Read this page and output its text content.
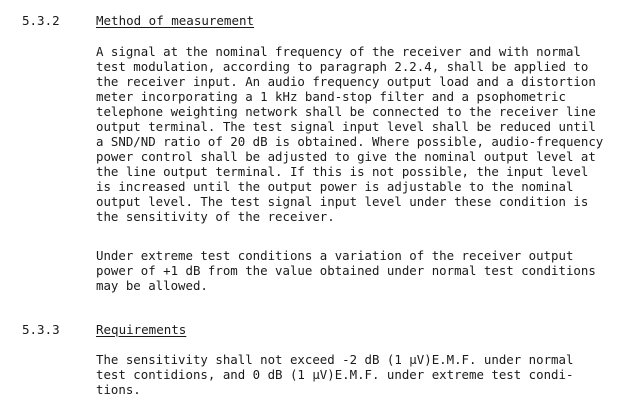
5.3.2	Method of measurement

A signal at the nominal frequency of the receiver and with normal
test modulation, according to paragraph 2.2.4, shall be applied to
the receiver input. An audio frequency output load and a distortion
meter incorporating a 1 kHz band-stop filter and a psophometric
telephone weighting network shall be connected to the receiver line
output terminal. The test signal input level shall be reduced until
a SND/ND ratio of 20 dB is obtained. Where possible, audio-frequency
power control shall be adjusted to give the nominal output level at
the line output terminal. If this is not possible, the input level
is increased until the output power is adjustable to the nominal
output level. The test signal input level under these condition is
the sensitivity of the receiver.

Under extreme test conditions a variation of the receiver output
power of +1 dB from the value obtained under normal test conditions
may be allowed.

5.3.3	Requirements

The sensitivity shall not exceed -2 dB (1 µV)E.M.F. under normal
test contidions, and 0 dB (1 µV)E.M.F. under extreme test condi-
tions.
